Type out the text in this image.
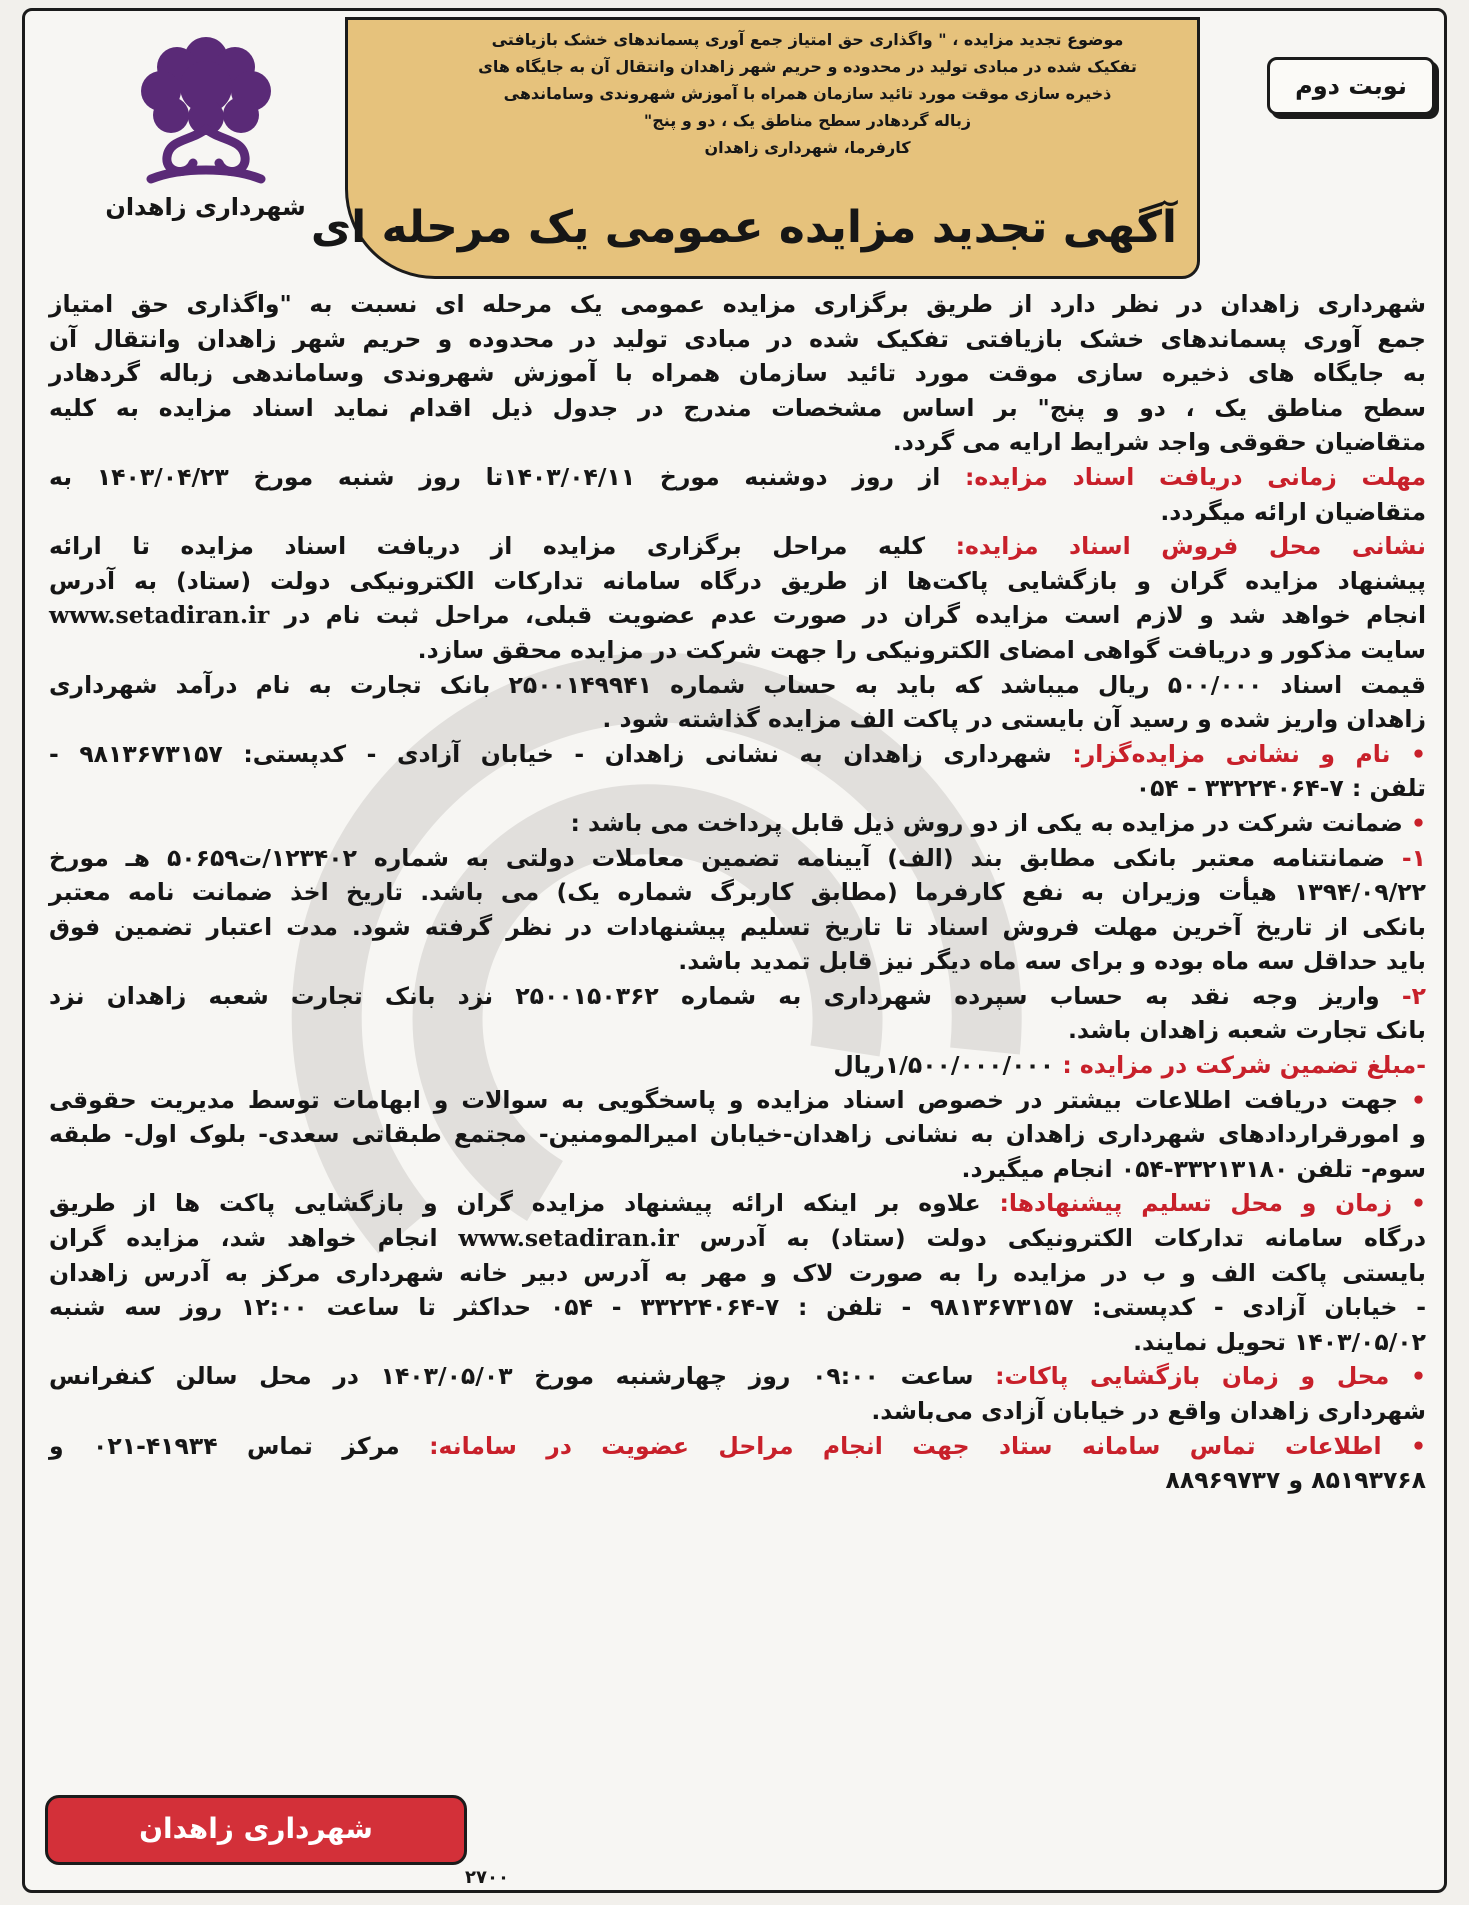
شهرداری زاهدان
موضوع تجدید مزایده ، " واگذاری حق امتیاز جمع آوری پسماندهای خشک بازیافتی
تفکیک شده در مبادی تولید در محدوده و حریم شهر زاهدان وانتقال آن به جایگاه های
ذخیره سازی موقت مورد تائید سازمان همراه با آموزش شهروندی وساماندهی
زباله گردهادر سطح مناطق یک ، دو و پنج"
کارفرما، شهرداری زاهدان
آگهی تجدید مزایده عمومی یک مرحله ای
نوبت دوم

شهرداری زاهدان در نظر دارد از طریق برگزاری مزایده عمومی یک مرحله ای نسبت به "واگذاری حق امتیاز
جمع آوری پسماندهای خشک بازیافتی تفکیک شده در مبادی تولید در محدوده و حریم شهر زاهدان وانتقال آن
به جایگاه های ذخیره سازی موقت مورد تائید سازمان همراه با آموزش شهروندی وساماندهی زباله گردهادر
سطح مناطق یک ، دو و پنج" بر اساس مشخصات مندرج در جدول ذیل اقدام نماید اسناد مزایده به کلیه
متقاضیان حقوقی واجد شرایط ارایه می گردد.

مهلت زمانی دریافت اسناد مزایده: از روز دوشنبه مورخ ۱۴۰۳/۰۴/۱۱تا روز شنبه مورخ ۱۴۰۳/۰۴/۲۳ به
متقاضیان ارائه میگردد.

نشانی محل فروش اسناد مزایده: کلیه مراحل برگزاری مزایده از دریافت اسناد مزایده تا ارائه
پیشنهاد مزایده گران و بازگشایی پاکت‌ها از طریق درگاه سامانه تدارکات الکترونیکی دولت (ستاد) به آدرس
انجام خواهد شد و لازم است مزایده گران در صورت عدم عضویت قبلی، مراحل ثبت نام در www.setadiran.ir
سایت مذکور و دریافت گواهی امضای الکترونیکی را جهت شرکت در مزایده محقق سازد.
قیمت اسناد ۵۰۰/۰۰۰ ریال میباشد که باید به حساب شماره ۲۵۰۰۱۴۹۹۴۱ بانک تجارت به نام درآمد شهرداری
زاهدان واریز شده و رسید آن بایستی در پاکت الف مزایده گذاشته شود .

• نام و نشانی مزایده‌گزار: شهرداری زاهدان به نشانی زاهدان - خیابان آزادی - کدپستی: ۹۸۱۳۶۷۳۱۵۷ -
تلفن : ۷-۳۳۲۲۴۰۶۴ - ۰۵۴

• ضمانت شرکت در مزایده به یکی از دو روش ذیل قابل پرداخت می باشد :
۱- ضمانتنامه معتبر بانکی مطابق بند (الف) آیینامه تضمین معاملات دولتی به شماره ۱۲۳۴۰۲/ت۵۰۶۵۹ هـ مورخ
۱۳۹۴/۰۹/۲۲ هیأت وزیران به نفع کارفرما (مطابق کاربرگ شماره یک) می باشد. تاریخ اخذ ضمانت نامه معتبر
بانکی از تاریخ آخرین مهلت فروش اسناد تا تاریخ تسلیم پیشنهادات در نظر گرفته شود. مدت اعتبار تضمین فوق
باید حداقل سه ماه بوده و برای سه ماه دیگر نیز قابل تمدید باشد.
۲- واریز وجه نقد به حساب سپرده شهرداری به شماره ۲۵۰۰۱۵۰۳۶۲ نزد بانک تجارت شعبه زاهدان نزد
بانک تجارت شعبه زاهدان باشد.
-مبلغ تضمین شرکت در مزایده : ۱/۵۰۰/۰۰۰/۰۰۰ریال

• جهت دریافت اطلاعات بیشتر در خصوص اسناد مزایده و پاسخگویی به سوالات و ابهامات توسط مدیریت حقوقی
و امورقراردادهای شهرداری زاهدان به نشانی زاهدان-خیابان امیرالمومنین- مجتمع طبقاتی سعدی- بلوک اول- طبقه
سوم- تلفن ۳۳۲۱۳۱۸۰-۰۵۴ انجام میگیرد.

• زمان و محل تسلیم پیشنهادها: علاوه بر اینکه ارائه پیشنهاد مزایده گران و بازگشایی پاکت ها از طریق
درگاه سامانه تدارکات الکترونیکی دولت (ستاد) به آدرس www.setadiran.ir انجام خواهد شد، مزایده گران
بایستی پاکت الف و ب در مزایده را به صورت لاک و مهر به آدرس دبیر خانه شهرداری مرکز به آدرس زاهدان
- خیابان آزادی - کدپستی: ۹۸۱۳۶۷۳۱۵۷ - تلفن : ۷-۳۳۲۲۴۰۶۴ - ۰۵۴ حداکثر تا ساعت ۱۲:۰۰ روز سه شنبه
۱۴۰۳/۰۵/۰۲ تحویل نمایند.

• محل و زمان بازگشایی پاکات: ساعت ۰۹:۰۰ روز چهارشنبه مورخ ۱۴۰۳/۰۵/۰۳ در محل سالن کنفرانس
شهرداری زاهدان واقع در خیابان آزادی می‌باشد.

• اطلاعات تماس سامانه ستاد جهت انجام مراحل عضویت در سامانه: مرکز تماس ۴۱۹۳۴-۰۲۱ و
۸۵۱۹۳۷۶۸ و ۸۸۹۶۹۷۳۷

شهرداری زاهدان
۲۷۰۰
